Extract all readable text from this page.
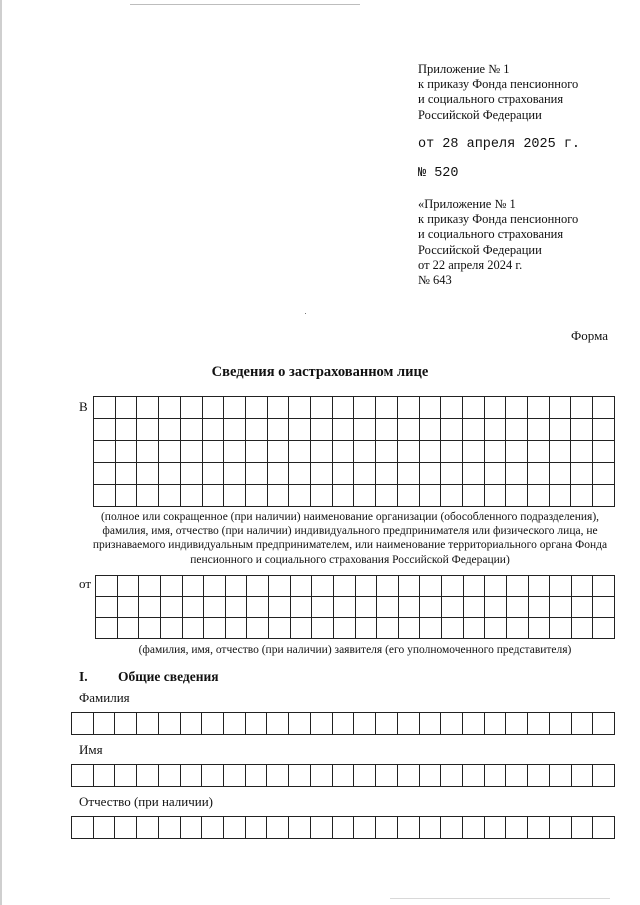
Приложение № 1
к приказу Фонда пенсионного
и социального страхования
Российской Федерации
от 28 апреля 2025 г.
№ 520
«Приложение № 1
к приказу Фонда пенсионного
и социального страхования
Российской Федерации
от 22 апреля 2024 г.
№ 643
Форма
Сведения о застрахованном лице
В

(полное или сокращенное (при наличии) наименование организации (обособленного подразделения), фамилия, имя, отчество (при наличии) индивидуального предпринимателя или физического лица, не признаваемого индивидуальным предпринимателем, или наименование территориального органа Фонда пенсионного и социального страхования Российской Федерации)
от

(фамилия, имя, отчество (при наличии) заявителя (его уполномоченного представителя)
I. Общие сведения
Фамилия

Имя

Отчество (при наличии)
